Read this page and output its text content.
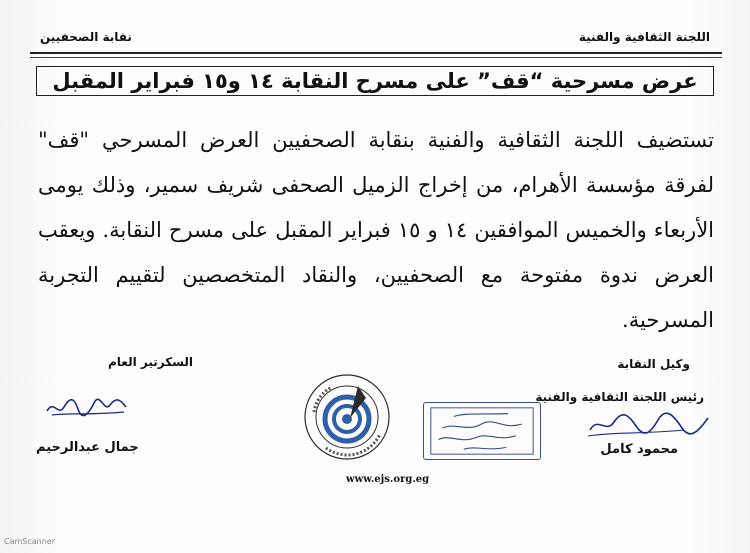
نقابة الصحفيين	اللجنة الثقافية والفنية
عرض مسرحية “قف” على مسرح النقابة ١٤ و١٥ فبراير المقبل

تستضيف اللجنة الثقافية والفنية بنقابة الصحفيين العرض المسرحي "قف" لفرقة مؤسسة الأهرام، من إخراج الزميل الصحفى شريف سمير، وذلك يومى الأربعاء والخميس الموافقين ١٤ و ١٥ فبراير المقبل على مسرح النقابة. ويعقب العرض ندوة مفتوحة مع الصحفيين، والنقاد المتخصصين لتقييم التجربة المسرحية.

السكرتير العام
جمال عبدالرحيم
وكيل النقابة
رئيس اللجنة الثقافية والفنية
محمود كامل
www.ejs.org.eg
CamScanner
